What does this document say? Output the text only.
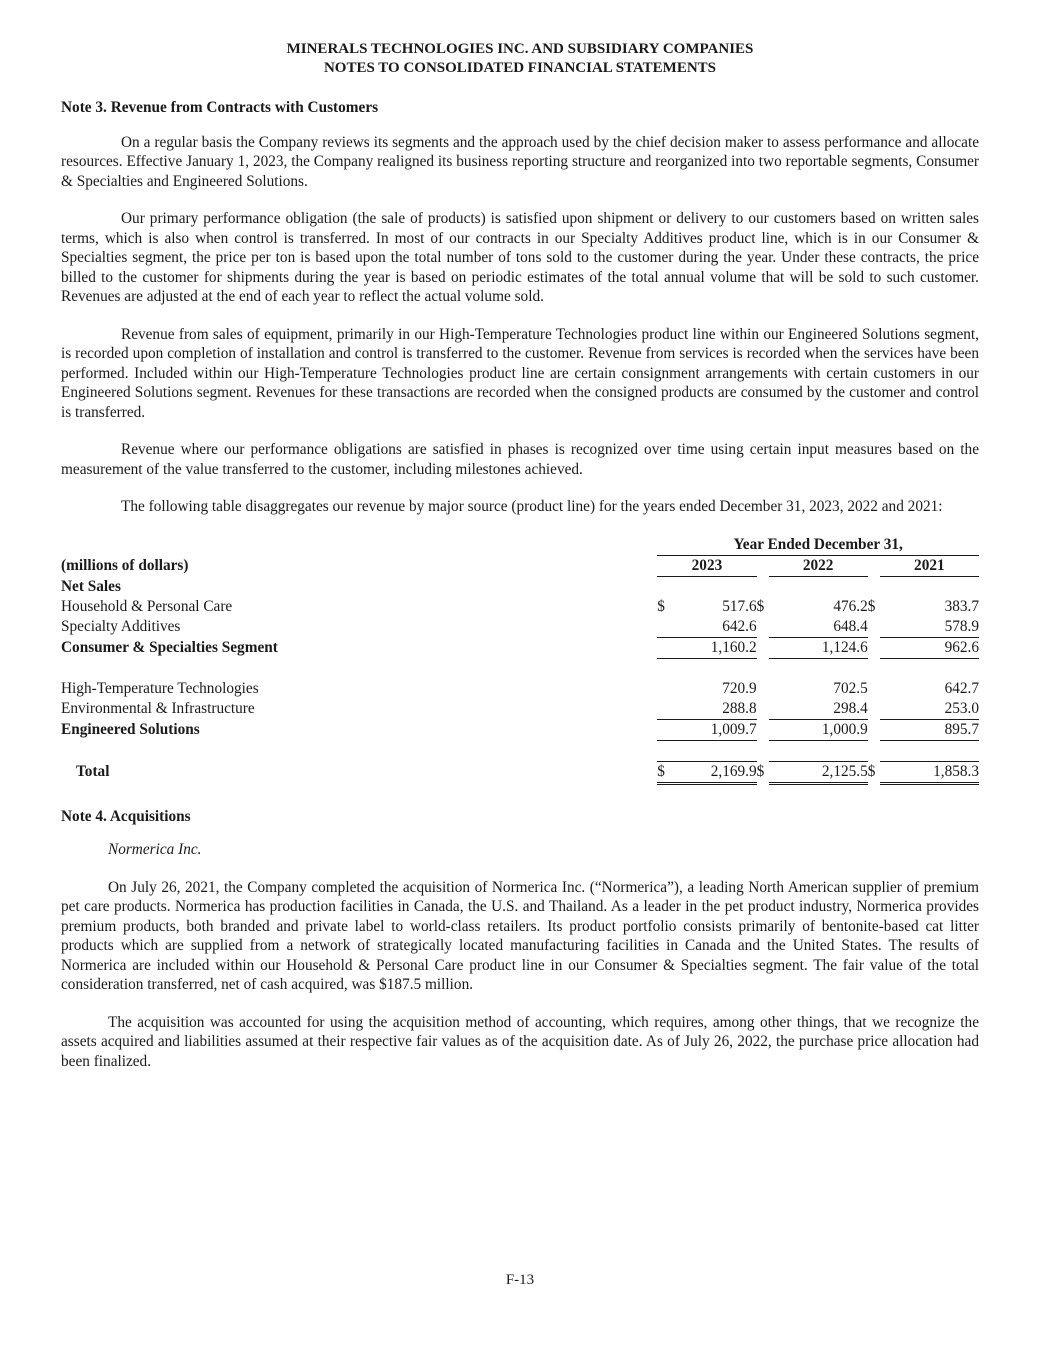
MINERALS TECHNOLOGIES INC. AND SUBSIDIARY COMPANIES
NOTES TO CONSOLIDATED FINANCIAL STATEMENTS
Note 3. Revenue from Contracts with Customers

On a regular basis the Company reviews its segments and the approach used by the chief decision maker to assess performance and allocate resources. Effective January 1, 2023, the Company realigned its business reporting structure and reorganized into two reportable segments, Consumer & Specialties and Engineered Solutions.

Our primary performance obligation (the sale of products) is satisfied upon shipment or delivery to our customers based on written sales terms, which is also when control is transferred. In most of our contracts in our Specialty Additives product line, which is in our Consumer & Specialties segment, the price per ton is based upon the total number of tons sold to the customer during the year. Under these contracts, the price billed to the customer for shipments during the year is based on periodic estimates of the total annual volume that will be sold to such customer. Revenues are adjusted at the end of each year to reflect the actual volume sold.

Revenue from sales of equipment, primarily in our High-Temperature Technologies product line within our Engineered Solutions segment, is recorded upon completion of installation and control is transferred to the customer. Revenue from services is recorded when the services have been performed. Included within our High-Temperature Technologies product line are certain consignment arrangements with certain customers in our Engineered Solutions segment. Revenues for these transactions are recorded when the consigned products are consumed by the customer and control is transferred.

Revenue where our performance obligations are satisfied in phases is recognized over time using certain input measures based on the measurement of the value transferred to the customer, including milestones achieved.

The following table disaggregates our revenue by major source (product line) for the years ended December 31, 2023, 2022 and 2021:

	Year Ended December 31,							
(millions of dollars)	2023			2022			2021	
Net Sales								
Household & Personal Care	$	517.6	$		476.2	$		383.7
Specialty Additives		642.6			648.4			578.9
Consumer & Specialties Segment		1,160.2			1,124.6			962.6

High-Temperature Technologies		720.9			702.5			642.7
Environmental & Infrastructure		288.8			298.4			253.0
Engineered Solutions		1,009.7			1,000.9			895.7

Total	$	2,169.9	$		2,125.5	$		1,858.3
Note 4. Acquisitions
Normerica Inc.

On July 26, 2021, the Company completed the acquisition of Normerica Inc. (“Normerica”), a leading North American supplier of premium pet care products. Normerica has production facilities in Canada, the U.S. and Thailand. As a leader in the pet product industry, Normerica provides premium products, both branded and private label to world-class retailers. Its product portfolio consists primarily of bentonite-based cat litter products which are supplied from a network of strategically located manufacturing facilities in Canada and the United States. The results of Normerica are included within our Household & Personal Care product line in our Consumer & Specialties segment. The fair value of the total consideration transferred, net of cash acquired, was $187.5 million.

The acquisition was accounted for using the acquisition method of accounting, which requires, among other things, that we recognize the assets acquired and liabilities assumed at their respective fair values as of the acquisition date. As of July 26, 2022, the purchase price allocation had been finalized.

F-13
